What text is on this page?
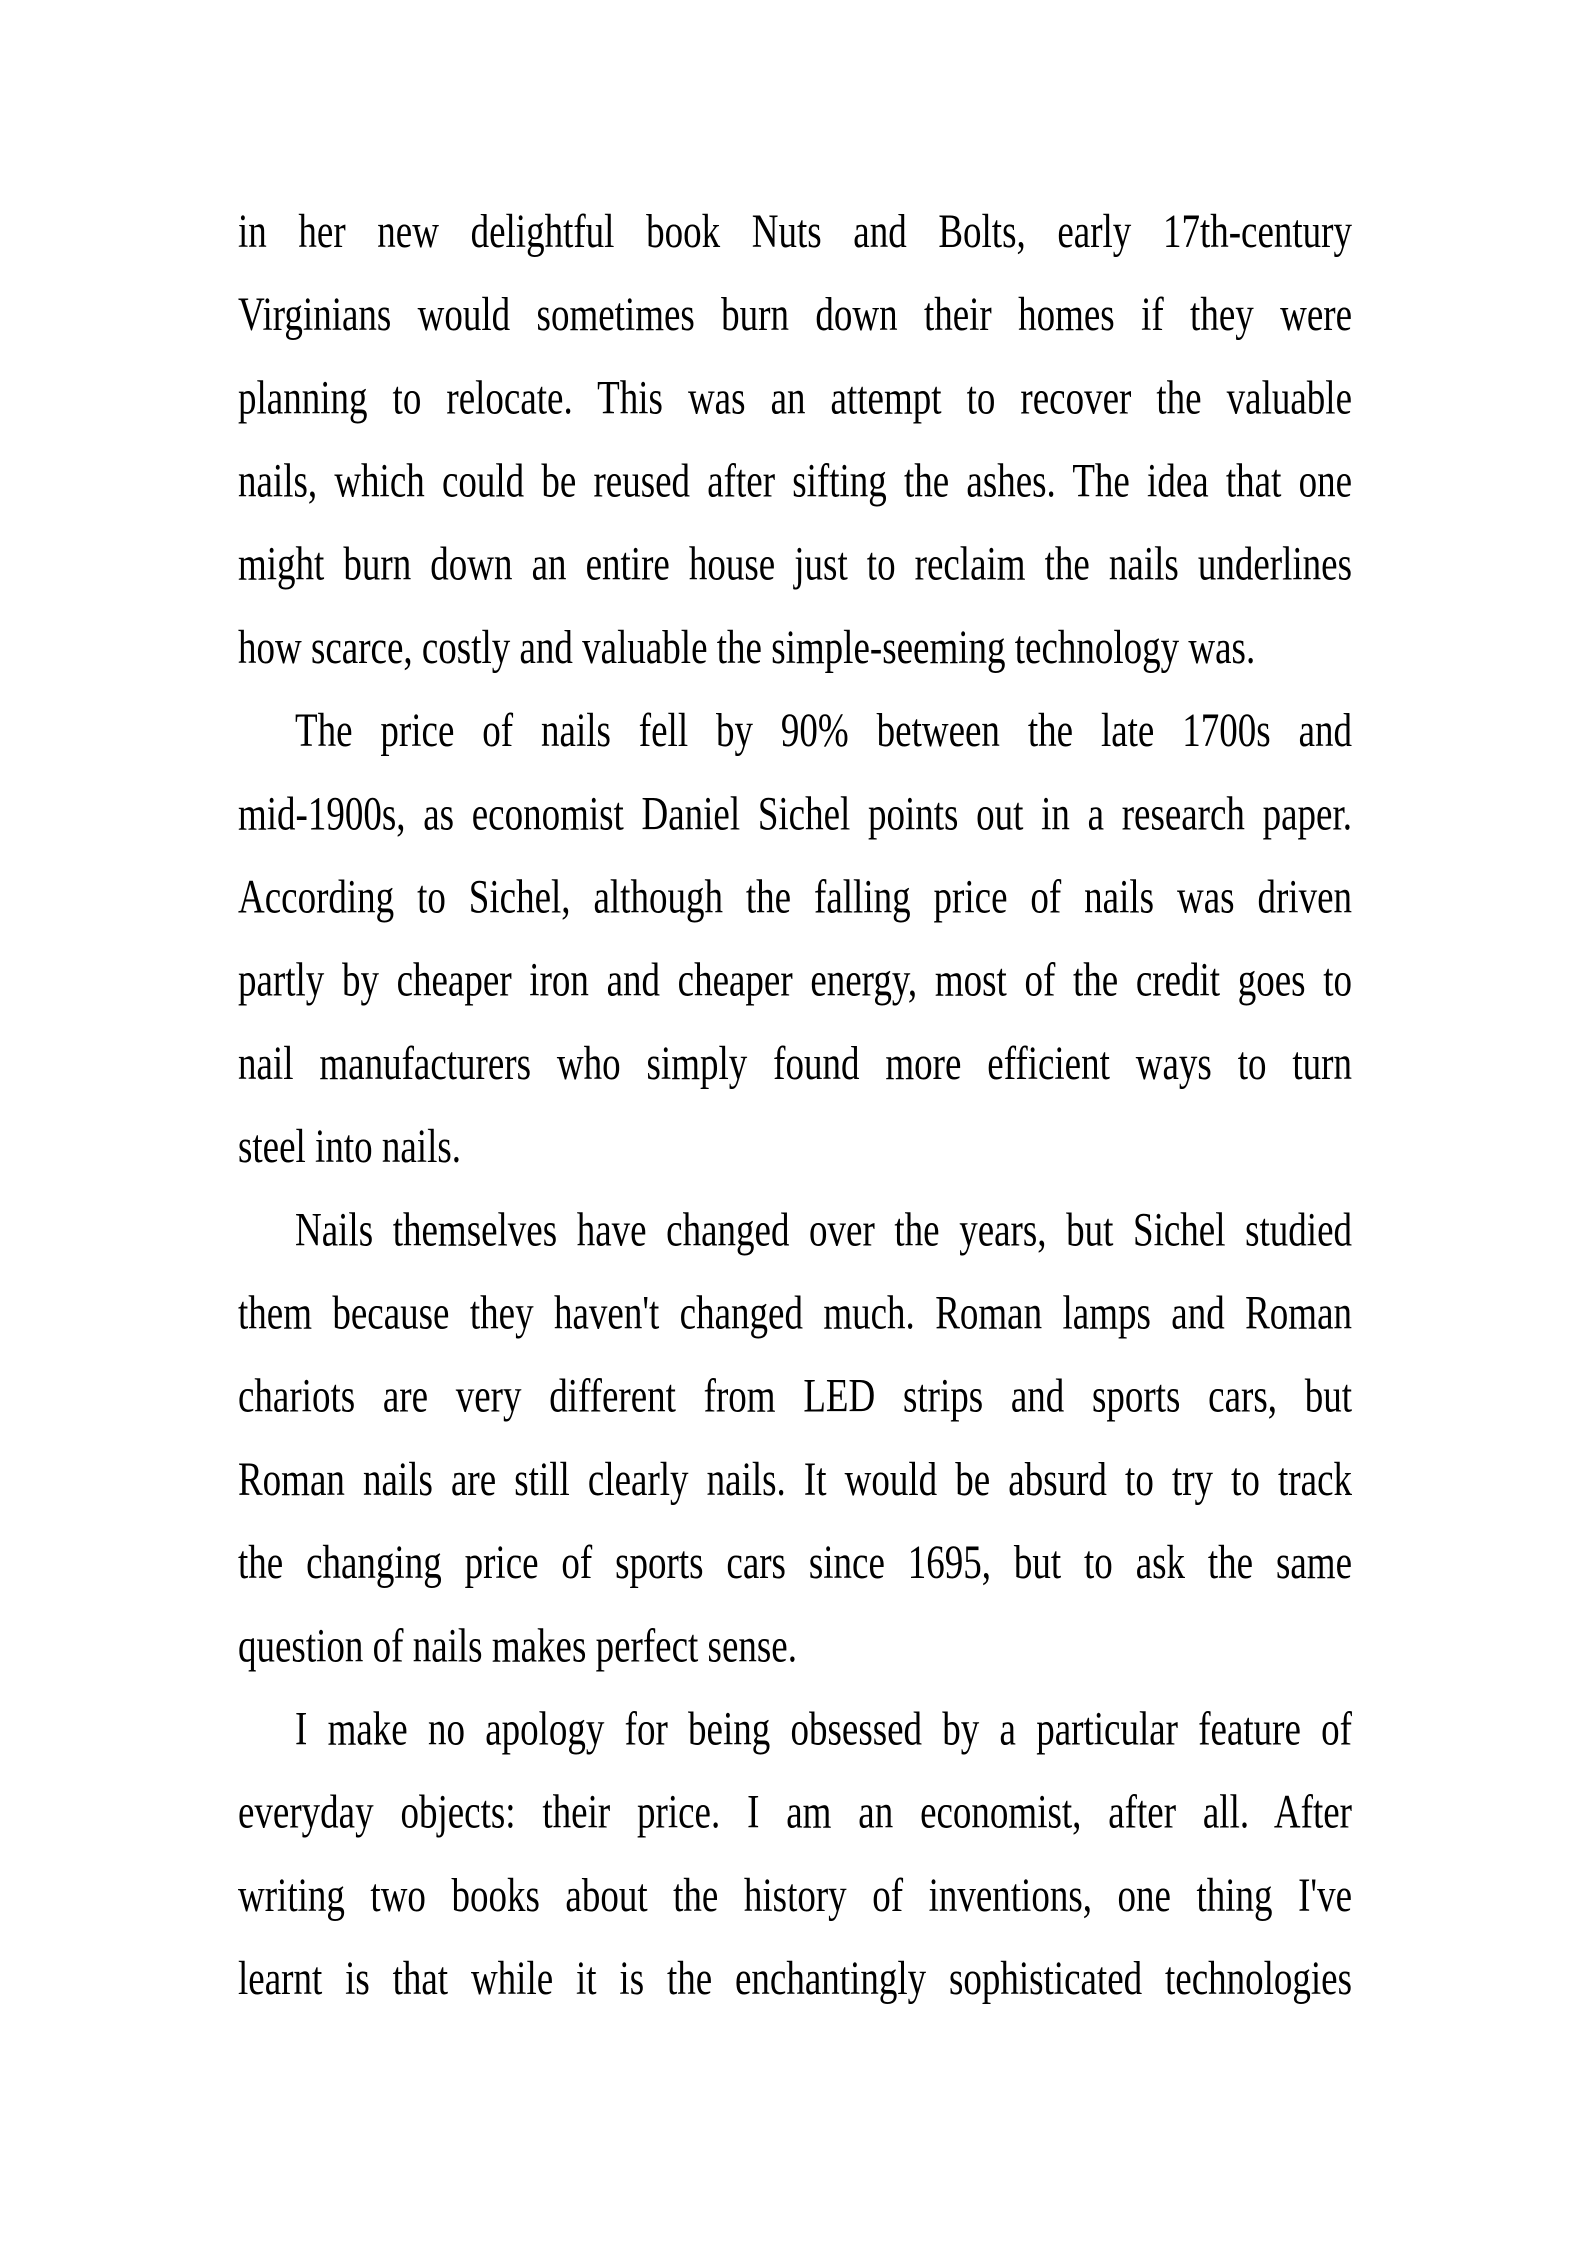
in her new delightful book Nuts and Bolts, early 17th-century
Virginians would sometimes burn down their homes if they were
planning to relocate. This was an attempt to recover the valuable
nails, which could be reused after sifting the ashes. The idea that one
might burn down an entire house just to reclaim the nails underlines
how scarce, costly and valuable the simple-seeming technology was.
The price of nails fell by 90% between the late 1700s and
mid-1900s, as economist Daniel Sichel points out in a research paper.
According to Sichel, although the falling price of nails was driven
partly by cheaper iron and cheaper energy, most of the credit goes to
nail manufacturers who simply found more efficient ways to turn
steel into nails.
Nails themselves have changed over the years, but Sichel studied
them because they haven't changed much. Roman lamps and Roman
chariots are very different from LED strips and sports cars, but
Roman nails are still clearly nails. It would be absurd to try to track
the changing price of sports cars since 1695, but to ask the same
question of nails makes perfect sense.
I make no apology for being obsessed by a particular feature of
everyday objects: their price. I am an economist, after all. After
writing two books about the history of inventions, one thing I've
learnt is that while it is the enchantingly sophisticated technologies
